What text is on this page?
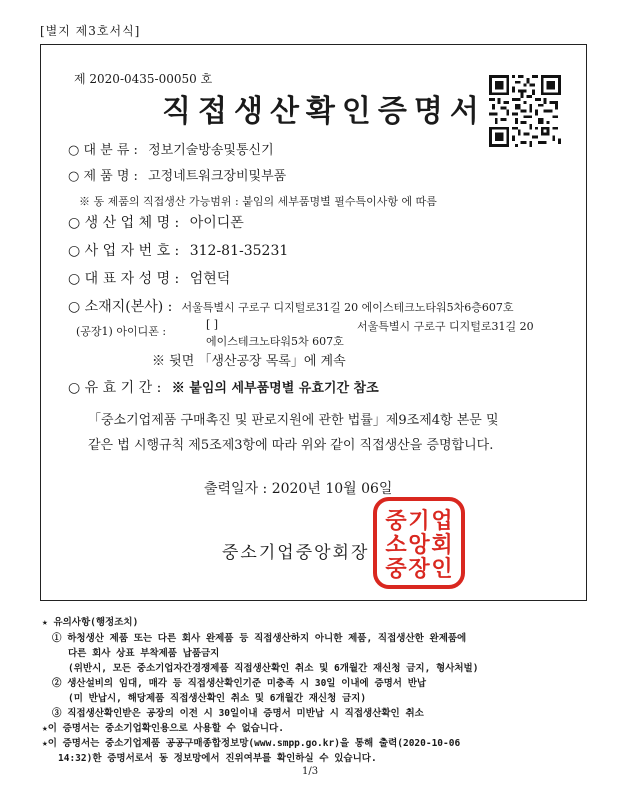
[별지 제3호서식]
제 2020-0435-00050 호
직접생산확인증명서
○ 대 분 류 : 정보기술방송및통신기
○ 제 품 명 : 고정네트워크장비및부품
※ 동 제품의 직접생산 가능범위 : 붙임의 세부품명별 필수특이사항 에 따름
○ 생 산 업 체 명 : 아이디폰
○ 사 업 자 번 호 : 312-81-35231
○ 대 표 자 성 명 : 엄현덕
○ 소재지(본사) : 서울특별시 구로구 디지털로31길 20 에이스테크노타워5차6층607호
(공장1) 아이디폰 :
[ ]	서울특별시 구로구 디지털로31길 20
에이스테크노타워5차 607호
※ 뒷면 「생산공장 목록」에 계속
○ 유 효 기 간 : ※ 붙임의 세부품명별 유효기간 참조
「중소기업제품 구매촉진 및 판로지원에 관한 법률」제9조제4항 본문 및
같은 법 시행규칙 제5조제3항에 따라 위와 같이 직접생산을 증명합니다.
출력일자 : 2020년 10월 06일
업
회
인
기
앙
장
중
소
중
중소기업중앙회장
★ 유의사항(행정조치)
① 하청생산 제품 또는 다른 회사 완제품 등 직접생산하지 아니한 제품, 직접생산한 완제품에
다른 회사 상표 부착제품 납품금지
(위반시, 모든 중소기업자간경쟁제품 직접생산확인 취소 및 6개월간 재신청 금지, 형사처벌)
② 생산설비의 임대, 매각 등 직접생산확인기준 미충족 시 30일 이내에 증명서 반납
(미 반납시, 해당제품 직접생산확인 취소 및 6개월간 재신청 금지)
③ 직접생산확인받은 공장의 이전 시 30일이내 증명서 미반납 시 직접생산확인 취소
★이 증명서는 중소기업확인용으로 사용할 수 없습니다.
★이 증명서는 중소기업제품 공공구매종합정보망(www.smpp.go.kr)을 통해 출력(2020-10-06
14:32)한 증명서로서 동 정보망에서 진위여부를 확인하실 수 있습니다.
1/3
